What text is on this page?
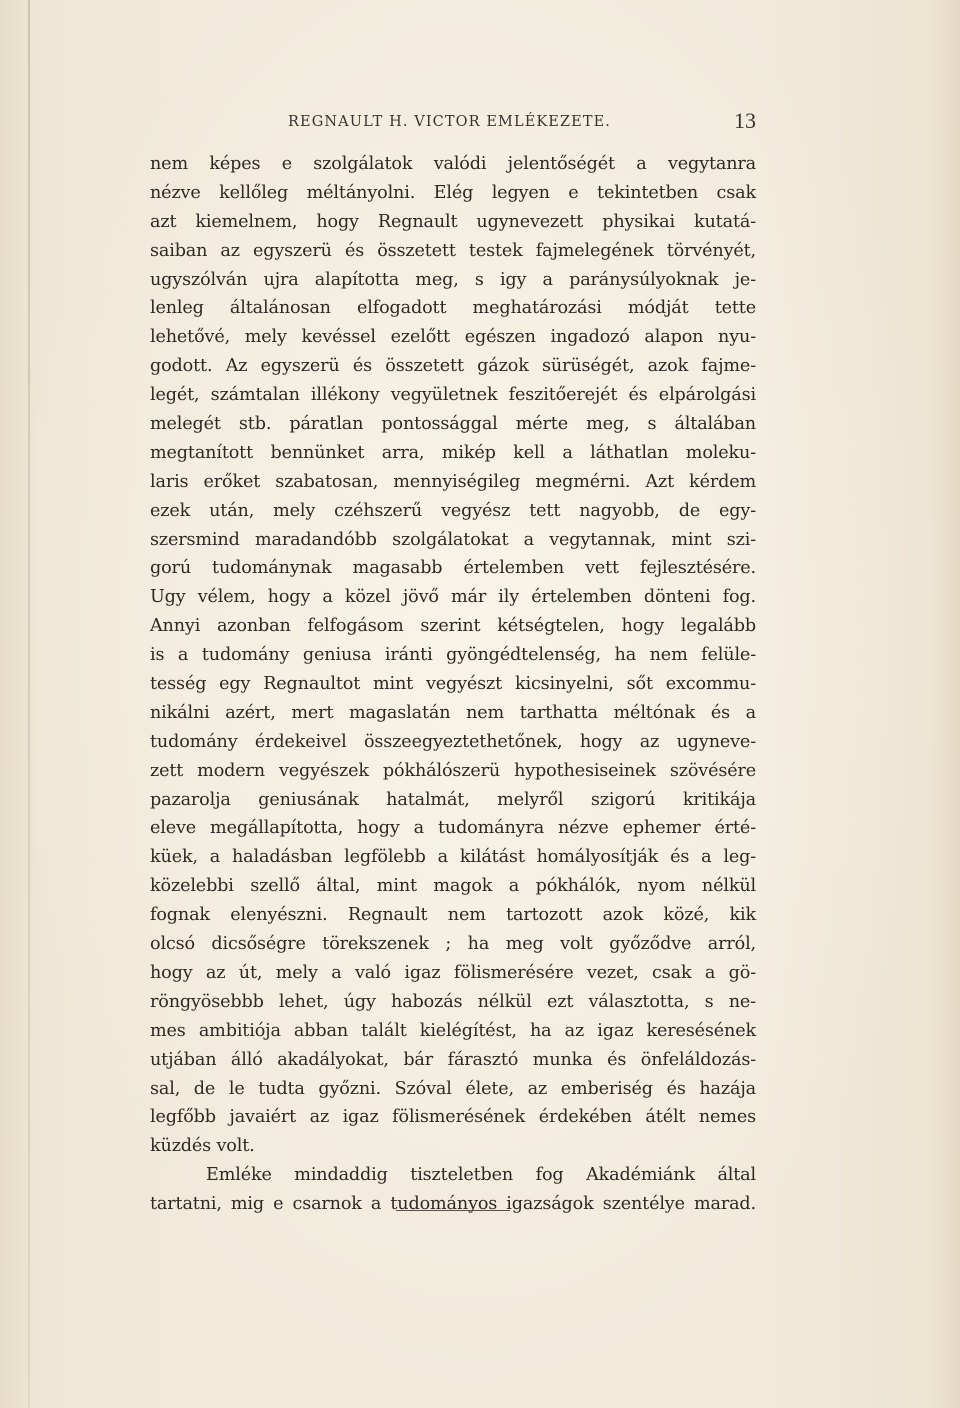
REGNAULT H. VICTOR EMLÉKEZETE.	13
nem képes e szolgálatok valódi jelentőségét a vegytanra
nézve kellőleg méltányolni. Elég legyen e tekintetben csak
azt kiemelnem, hogy Regnault ugynevezett physikai kutatá-
saiban az egyszerü és összetett testek fajmelegének törvényét,
ugyszólván ujra alapította meg, s igy a paránysúlyoknak je-
lenleg általánosan elfogadott meghatározási módját tette
lehetővé, mely kevéssel ezelőtt egészen ingadozó alapon nyu-
godott. Az egyszerü és összetett gázok sürüségét, azok fajme-
legét, számtalan illékony vegyületnek feszitőerejét és elpárolgási
melegét stb. páratlan pontossággal mérte meg, s általában
megtanított bennünket arra, mikép kell a láthatlan moleku-
laris erőket szabatosan, mennyiségileg megmérni. Azt kérdem
ezek után, mely czéhszerű vegyész tett nagyobb, de egy-
szersmind maradandóbb szolgálatokat a vegytannak, mint szi-
gorú tudománynak magasabb értelemben vett fejlesztésére.
Ugy vélem, hogy a közel jövő már ily értelemben dönteni fog.
Annyi azonban felfogásom szerint kétségtelen, hogy legalább
is a tudomány geniusa iránti gyöngédtelenség, ha nem felüle-
tesség egy Regnaultot mint vegyészt kicsinyelni, sőt excommu-
nikálni azért, mert magaslatán nem tarthatta méltónak és a
tudomány érdekeivel összeegyeztethetőnek, hogy az ugyneve-
zett modern vegyészek pókhálószerü hypothesiseinek szövésére
pazarolja geniusának hatalmát, melyről szigorú kritikája
eleve megállapította, hogy a tudományra nézve ephemer érté-
küek, a haladásban legfölebb a kilátást homályosítják és a leg-
közelebbi szellő által, mint magok a pókhálók, nyom nélkül
fognak elenyészni. Regnault nem tartozott azok közé, kik
olcsó dicsőségre törekszenek ; ha meg volt győződve arról,
hogy az út, mely a való igaz fölismerésére vezet, csak a gö-
röngyösebbb lehet, úgy habozás nélkül ezt választotta, s ne-
mes ambitiója abban talált kielégítést, ha az igaz keresésének
utjában álló akadályokat, bár fárasztó munka és önfeláldozás-
sal, de le tudta győzni. Szóval élete, az emberiség és hazája
legfőbb javaiért az igaz fölismerésének érdekében átélt nemes
küzdés volt.
Emléke mindaddig tiszteletben fog Akadémiánk által
tartatni, mig e csarnok a tudományos igazságok szentélye marad.
